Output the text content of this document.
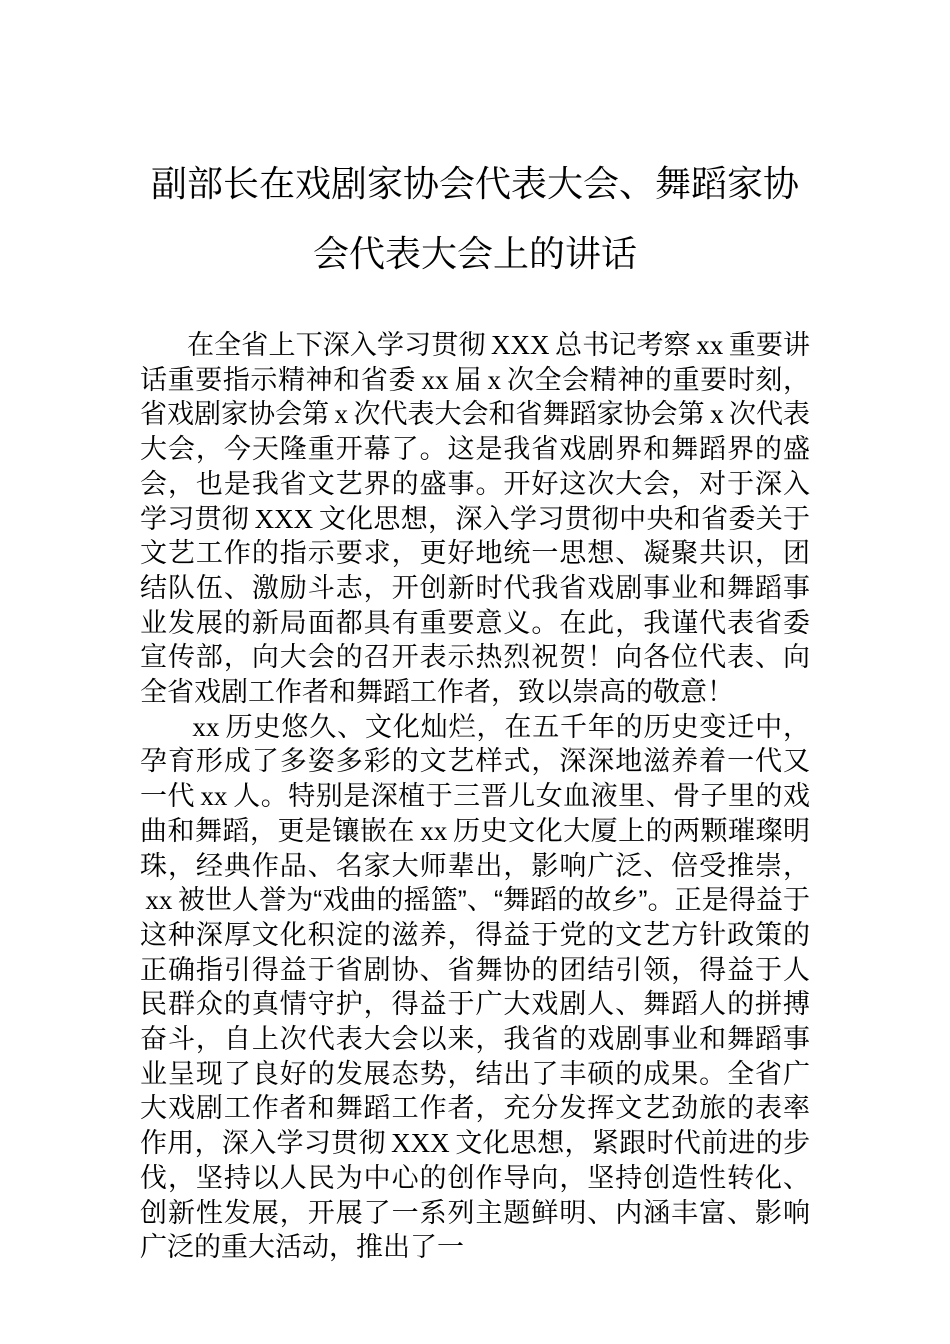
副部长在戏剧家协会代表大会、舞蹈家协会代表大会上的讲话

在全省上下深入学习贯彻 XXX 总书记考察 xx 重要讲话重要指示精神和省委 xx 届 x 次全会精神的重要时刻，省戏剧家协会第 x 次代表大会和省舞蹈家协会第 x 次代表大会，今天隆重开幕了。这是我省戏剧界和舞蹈界的盛会，也是我省文艺界的盛事。开好这次大会，对于深入学习贯彻 XXX 文化思想，深入学习贯彻中央和省委关于文艺工作的指示要求，更好地统一思想、凝聚共识，团结队伍、激励斗志，开创新时代我省戏剧事业和舞蹈事业发展的新局面都具有重要意义。在此，我谨代表省委宣传部，向大会的召开表示热烈祝贺！向各位代表、向全省戏剧工作者和舞蹈工作者，致以崇高的敬意！

xx 历史悠久、文化灿烂，在五千年的历史变迁中，孕育形成了多姿多彩的文艺样式，深深地滋养着一代又一代 xx 人。特别是深植于三晋儿女血液里、骨子里的戏曲和舞蹈，更是镶嵌在 xx 历史文化大厦上的两颗璀璨明珠，经典作品、名家大师辈出，影响广泛、倍受推崇，xx 被世人誉为“戏曲的摇篮”、“舞蹈的故乡”。正是得益于这种深厚文化积淀的滋养，得益于党的文艺方针政策的正确指引得益于省剧协、省舞协的团结引领，得益于人民群众的真情守护，得益于广大戏剧人、舞蹈人的拼搏奋斗，自上次代表大会以来，我省的戏剧事业和舞蹈事业呈现了良好的发展态势，结出了丰硕的成果。全省广大戏剧工作者和舞蹈工作者，充分发挥文艺劲旅的表率作用，深入学习贯彻 XXX 文化思想，紧跟时代前进的步伐，坚持以人民为中心的创作导向，坚持创造性转化、创新性发展，开展了一系列主题鲜明、内涵丰富、影响广泛的重大活动，推出了一
